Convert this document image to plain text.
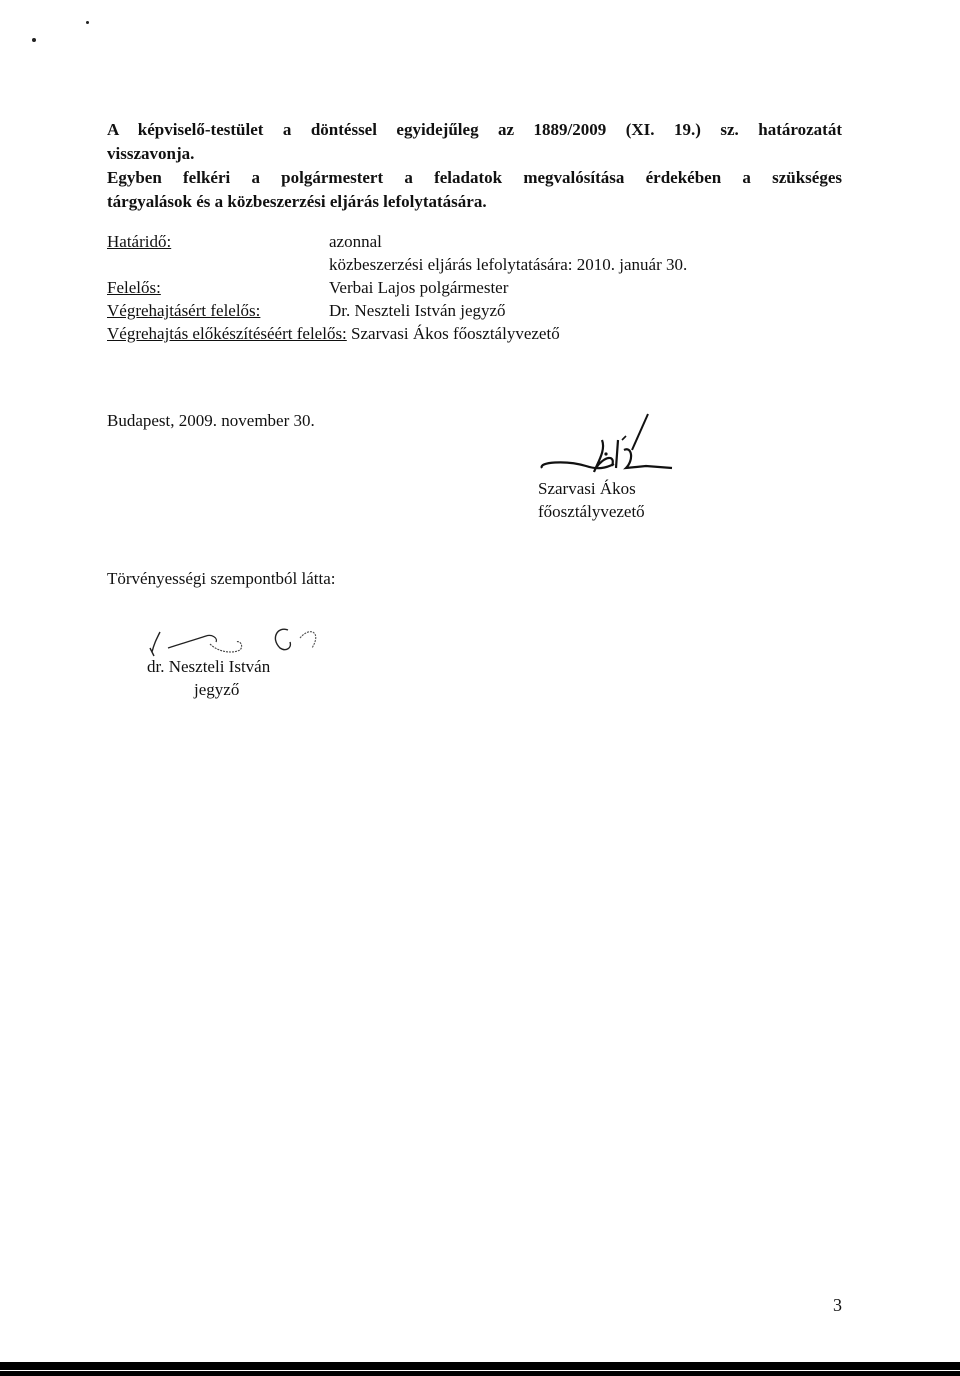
A képviselő-testület a döntéssel egyidejűleg az 1889/2009 (XI. 19.) sz. határozatát
visszavonja.
Egyben felkéri a polgármestert a feladatok megvalósítása érdekében a szükséges
tárgyalások és a közbeszerzési eljárás lefolytatására.
Határidő:	azonnal
közbeszerzési eljárás lefolytatására: 2010. január 30.
Felelős:	Verbai Lajos polgármester
Végrehajtásért felelős:	Dr. Neszteli István jegyző
Végrehajtás előkészítéséért felelős: Szarvasi Ákos főosztályvezető
Budapest, 2009. november 30.
Szarvasi Ákos
főosztályvezető
Törvényességi szempontból látta:
dr. Neszteli István
jegyző
3
